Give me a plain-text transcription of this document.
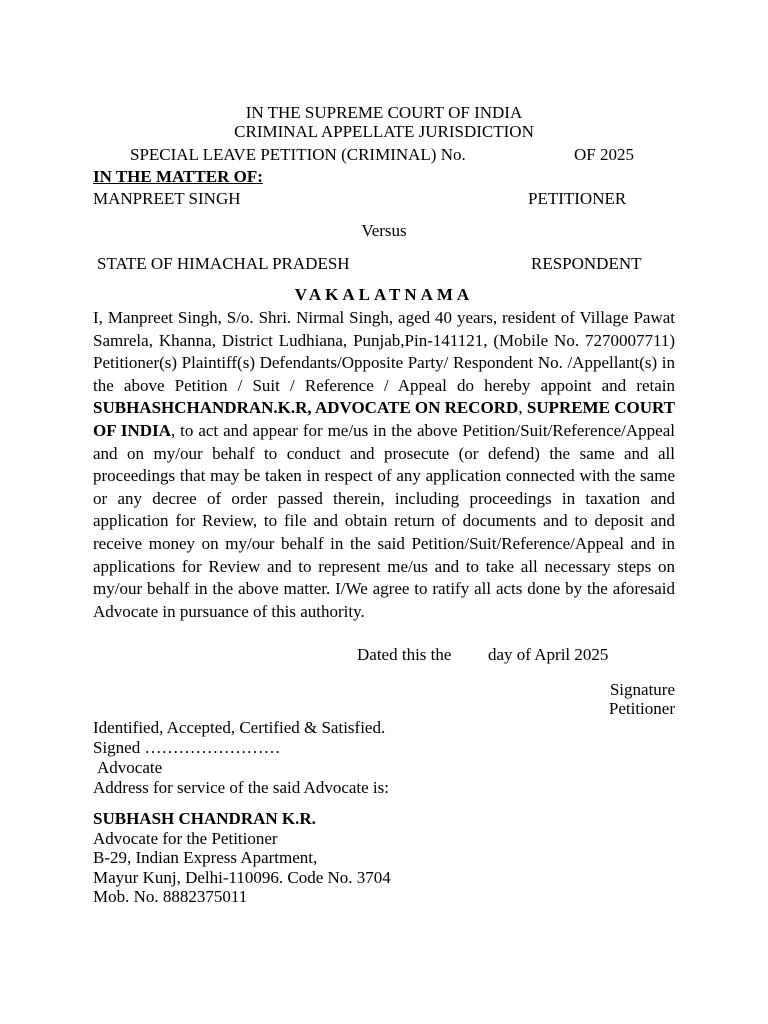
IN THE SUPREME COURT OF INDIA
CRIMINAL APPELLATE JURISDICTION
SPECIAL LEAVE PETITION (CRIMINAL) No.	OF 2025
IN THE MATTER OF:
MANPREET SINGH	PETITIONER
Versus
STATE OF HIMACHAL PRADESH	RESPONDENT
VAKALATNAMA
I, Manpreet Singh, S/o. Shri. Nirmal Singh, aged 40 years, resident of Village Pawat Samrela, Khanna, District Ludhiana, Punjab,Pin-141121, (Mobile No. 7270007711) Petitioner(s) Plaintiff(s) Defendants/Opposite Party/ Respondent No. /Appellant(s) in the above Petition / Suit / Reference / Appeal do hereby appoint and retain SUBHASHCHANDRAN.K.R, ADVOCATE ON RECORD, SUPREME COURT OF INDIA, to act and appear for me/us in the above Petition/Suit/Reference/Appeal and on my/our behalf to conduct and prosecute (or defend) the same and all proceedings that may be taken in respect of any application connected with the same or any decree of order passed therein, including proceedings in taxation and application for Review, to file and obtain return of documents and to deposit and receive money on my/our behalf in the said Petition/Suit/Reference/Appeal and in applications for Review and to represent me/us and to take all necessary steps on my/our behalf in the above matter. I/We agree to ratify all acts done by the aforesaid Advocate in pursuance of this authority.
Dated this the day of April 2025
Signature
Petitioner
Identified, Accepted, Certified & Satisfied.
Signed ……………………
Advocate
Address for service of the said Advocate is:
SUBHASH CHANDRAN K.R.
Advocate for the Petitioner
B-29, Indian Express Apartment,
Mayur Kunj, Delhi-110096. Code No. 3704
Mob. No. 8882375011
